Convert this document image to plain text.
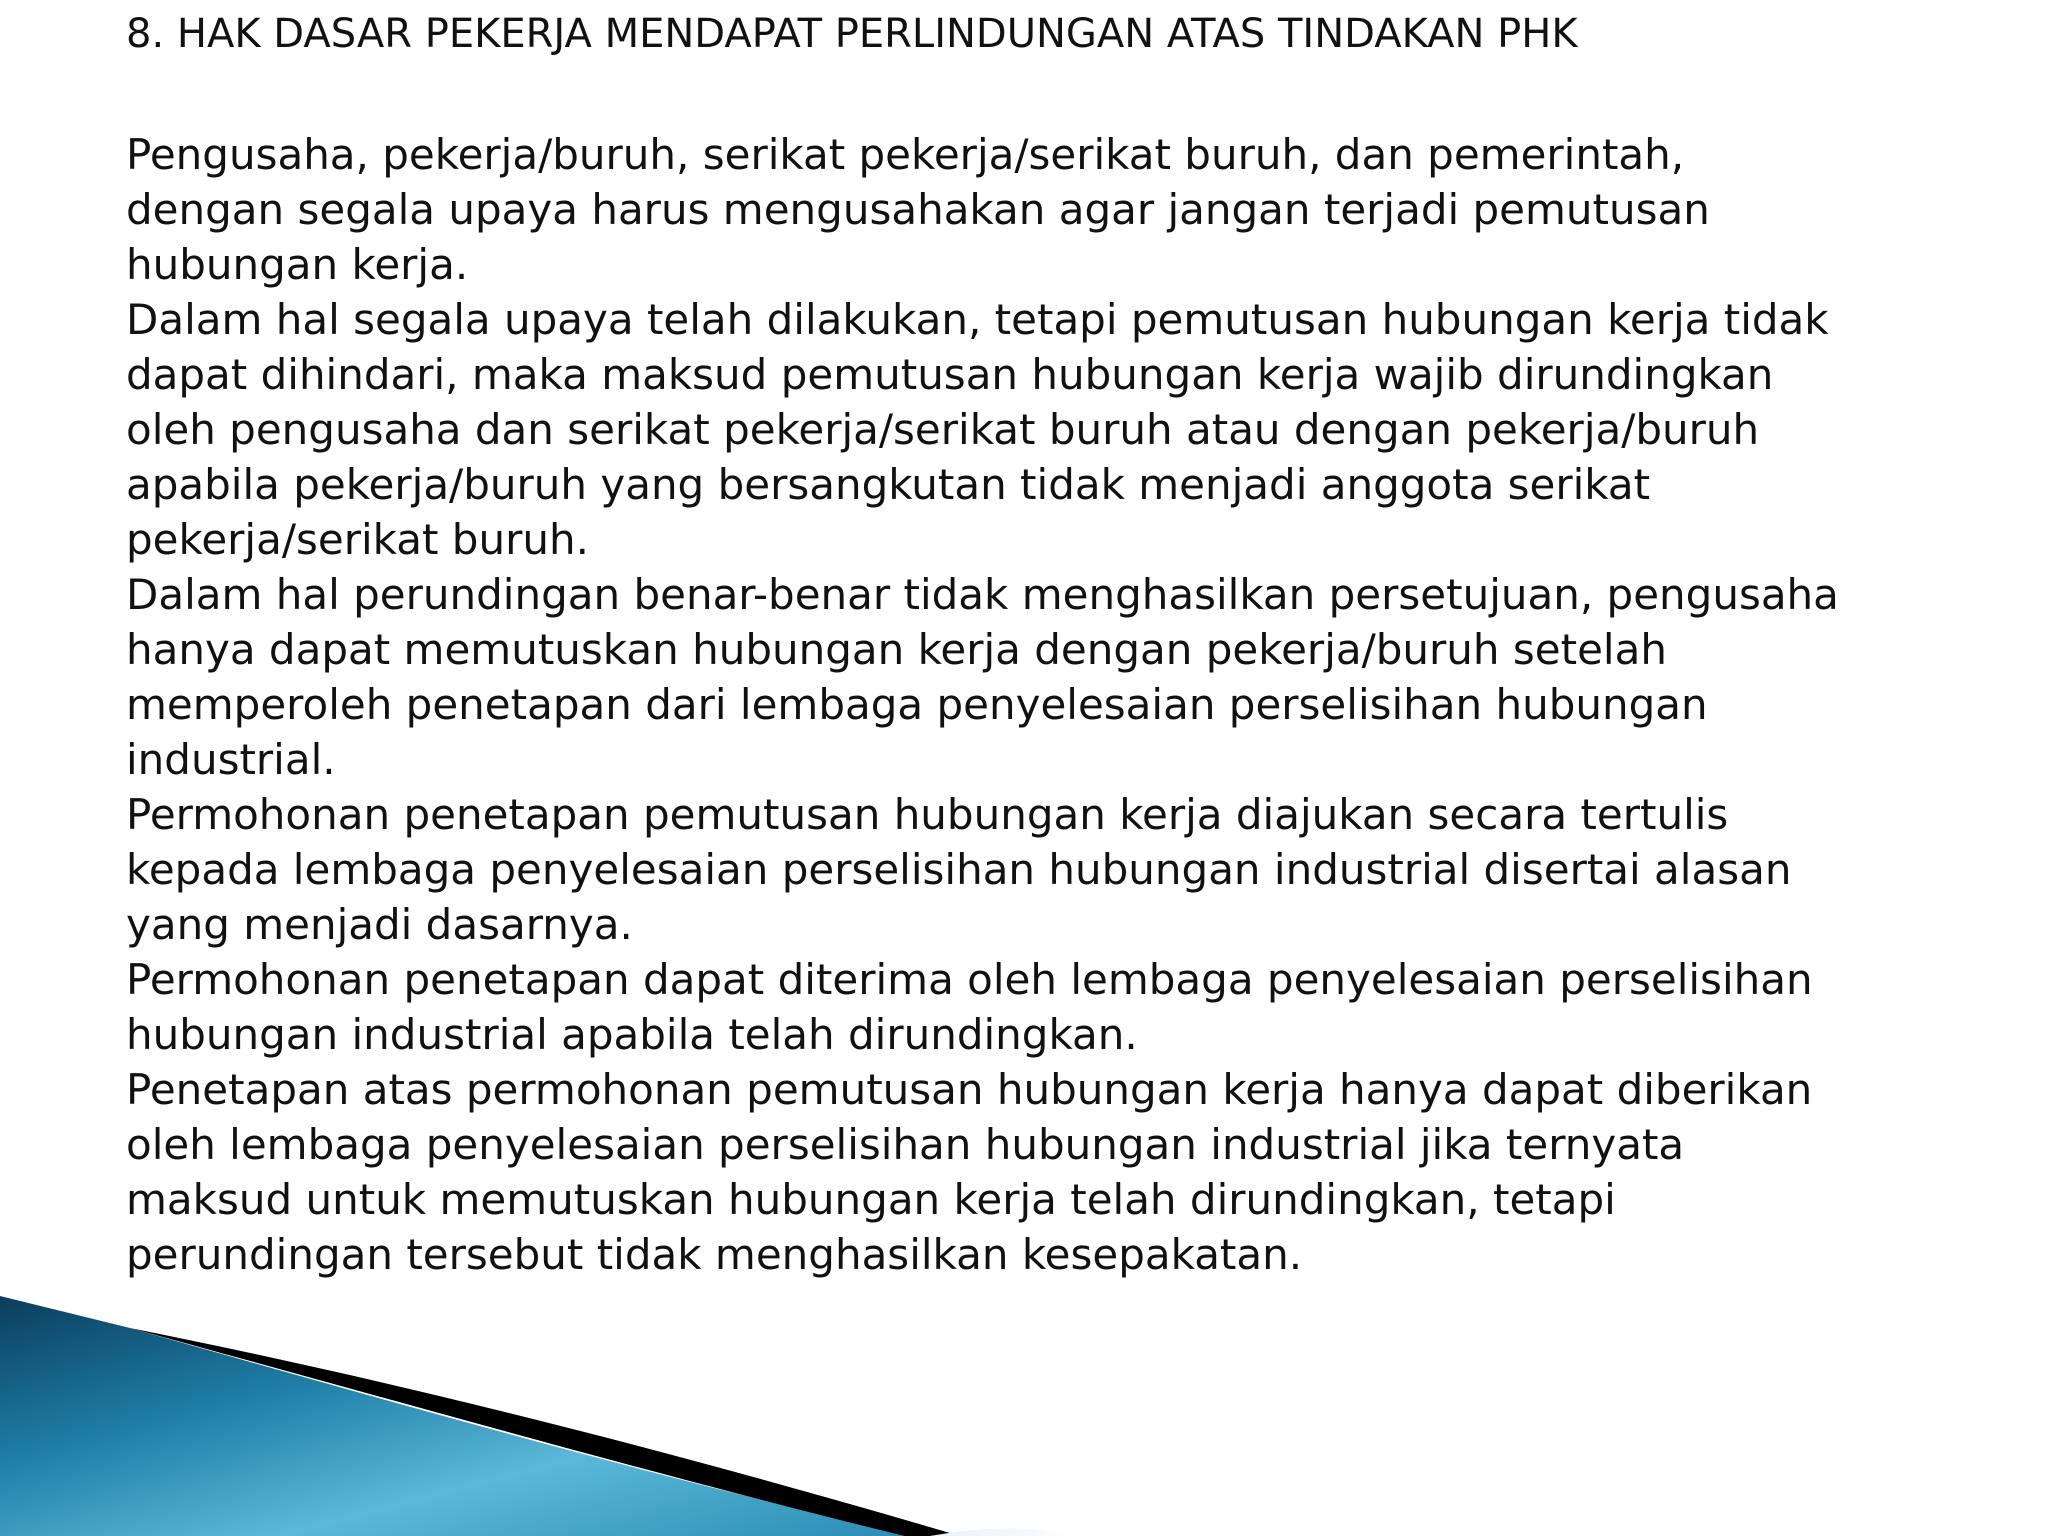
8. HAK DASAR PEKERJA MENDAPAT PERLINDUNGAN ATAS TINDAKAN PHK
Pengusaha, pekerja/buruh, serikat pekerja/serikat buruh, dan pemerintah,
dengan segala upaya harus mengusahakan agar jangan terjadi pemutusan
hubungan kerja.
Dalam hal segala upaya telah dilakukan, tetapi pemutusan hubungan kerja tidak
dapat dihindari, maka maksud pemutusan hubungan kerja wajib dirundingkan
oleh pengusaha dan serikat pekerja/serikat buruh atau dengan pekerja/buruh
apabila pekerja/buruh yang bersangkutan tidak menjadi anggota serikat
pekerja/serikat buruh.
Dalam hal perundingan benar-benar tidak menghasilkan persetujuan, pengusaha
hanya dapat memutuskan hubungan kerja dengan pekerja/buruh setelah
memperoleh penetapan dari lembaga penyelesaian perselisihan hubungan
industrial.
Permohonan penetapan pemutusan hubungan kerja diajukan secara tertulis
kepada lembaga penyelesaian perselisihan hubungan industrial disertai alasan
yang menjadi dasarnya.
Permohonan penetapan dapat diterima oleh lembaga penyelesaian perselisihan
hubungan industrial apabila telah dirundingkan.
Penetapan atas permohonan pemutusan hubungan kerja hanya dapat diberikan
oleh lembaga penyelesaian perselisihan hubungan industrial jika ternyata
maksud untuk memutuskan hubungan kerja telah dirundingkan, tetapi
perundingan tersebut tidak menghasilkan kesepakatan.
